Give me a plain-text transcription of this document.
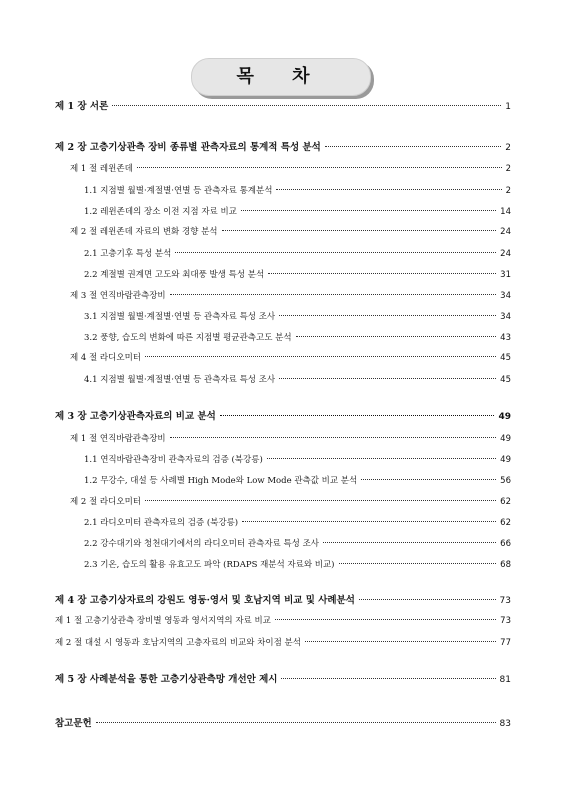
목 차
제 1 장 서론	1
제 2 장 고층기상관측 장비 종류별 관측자료의 통계적 특성 분석	2
제 1 절 레윈존데	2
1.1 지점별 월별·계절별·연별 등 관측자료 통계분석	2
1.2 레윈존데의 장소 이전 지점 자료 비교	14
제 2 절 레윈존데 자료의 변화 경향 분석	24
2.1 고층기후 특성 분석	24
2.2 계절별 권계면 고도와 최대풍 발생 특성 분석	31
제 3 절 연직바람관측장비	34
3.1 지점별 월별·계절별·연별 등 관측자료 특성 조사	34
3.2 풍향, 습도의 변화에 따른 지점별 평균관측고도 분석	43
제 4 절 라디오미터	45
4.1 지점별 월별·계절별·연별 등 관측자료 특성 조사	45
제 3 장 고층기상관측자료의 비교 분석	49
제 1 절 연직바람관측장비	49
1.1 연직바람관측장비 관측자료의 검증 (북강릉)	49
1.2 무강수, 대설 등 사례별 High Mode와 Low Mode 관측값 비교 분석	56
제 2 절 라디오미터	62
2.1 라디오미터 관측자료의 검증 (북강릉)	62
2.2 강수대기와 청천대기에서의 라디오미터 관측자료 특성 조사	66
2.3 기온, 습도의 활용 유효고도 파악 (RDAPS 재분석 자료와 비교)	68
제 4 장 고층기상자료의 강원도 영동·영서 및 호남지역 비교 및 사례분석	73
제 1 절 고층기상관측 장비별 영동과 영서지역의 자료 비교	73
제 2 절 대설 시 영동과 호남지역의 고층자료의 비교와 차이점 분석	77
제 5 장 사례분석을 통한 고층기상관측망 개선안 제시	81
참고문헌	83
